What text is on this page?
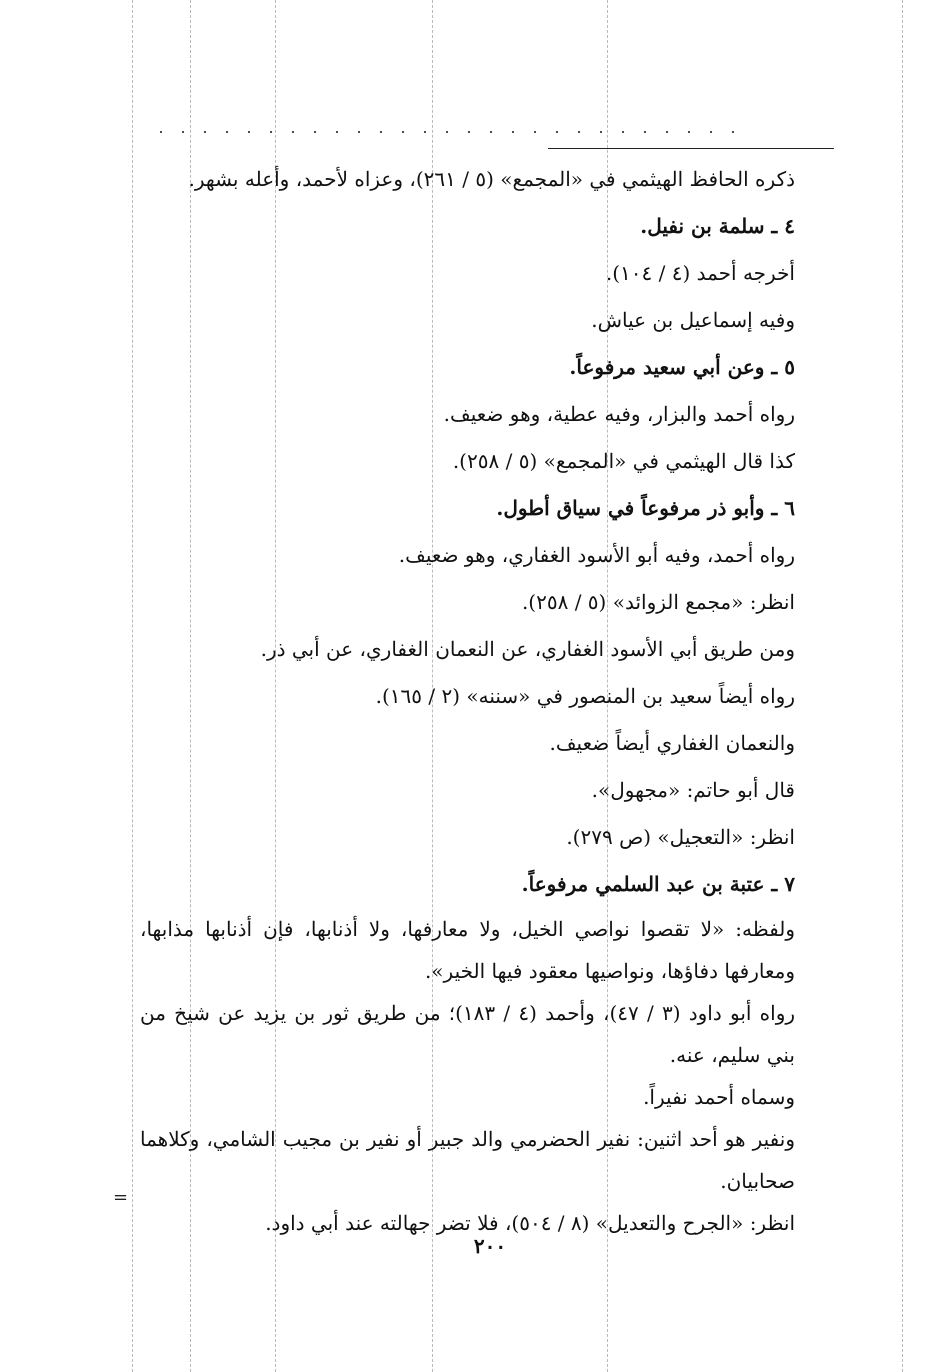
ذكره الحافظ الهيثمي في «المجمع» (٥ / ٢٦١)، وعزاه لأحمد، وأعله بشهر.
٤ ـ سلمة بن نفيل.
أخرجه أحمد (٤ / ١٠٤).
وفيه إسماعيل بن عياش.
٥ ـ وعن أبي سعيد مرفوعاً.
رواه أحمد والبزار، وفيه عطية، وهو ضعيف.
كذا قال الهيثمي في «المجمع» (٥ / ٢٥٨).
٦ ـ وأبو ذر مرفوعاً في سياق أطول.
رواه أحمد، وفيه أبو الأسود الغفاري، وهو ضعيف.
انظر: «مجمع الزوائد» (٥ / ٢٥٨).
ومن طريق أبي الأسود الغفاري، عن النعمان الغفاري، عن أبي ذر.
رواه أيضاً سعيد بن المنصور في «سننه» (٢ / ١٦٥).
والنعمان الغفاري أيضاً ضعيف.
قال أبو حاتم: «مجهول».
انظر: «التعجيل» (ص ٢٧٩).
٧ ـ عتبة بن عبد السلمي مرفوعاً.
ولفظه: «لا تقصوا نواصي الخيل، ولا معارفها، ولا أذنابها، فإن أذنابها مذابها،
ومعارفها دفاؤها، ونواصيها معقود فيها الخير».
رواه أبو داود (٣ / ٤٧)، وأحمد (٤ / ١٨٣)؛ من طريق ثور بن يزيد عن شيخ من
بني سليم، عنه.
وسماه أحمد نفيراً.
ونفير هو أحد اثنين: نفير الحضرمي والد جبير أو نفير بن مجيب الشامي، وكلاهما
صحابيان.
انظر: «الجرح والتعديل» (٨ / ٥٠٤)، فلا تضر جهالته عند أبي داود.
=
٢٠٠
